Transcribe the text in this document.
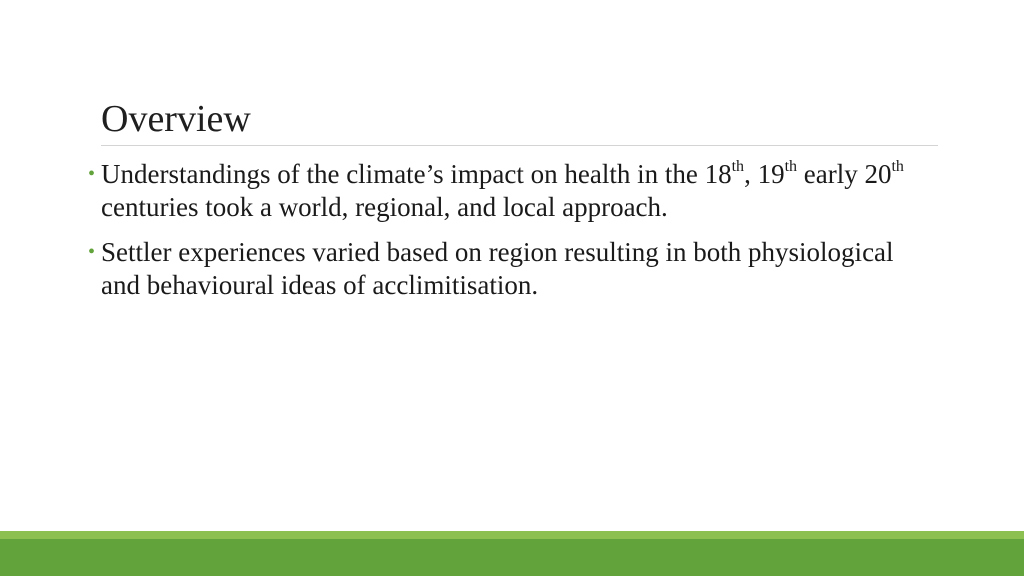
Overview
• Understandings of the climate’s impact on health in the 18th, 19th early 20th centuries took a world, regional, and local approach.
• Settler experiences varied based on region resulting in both physiological and behavioural ideas of acclimitisation.
